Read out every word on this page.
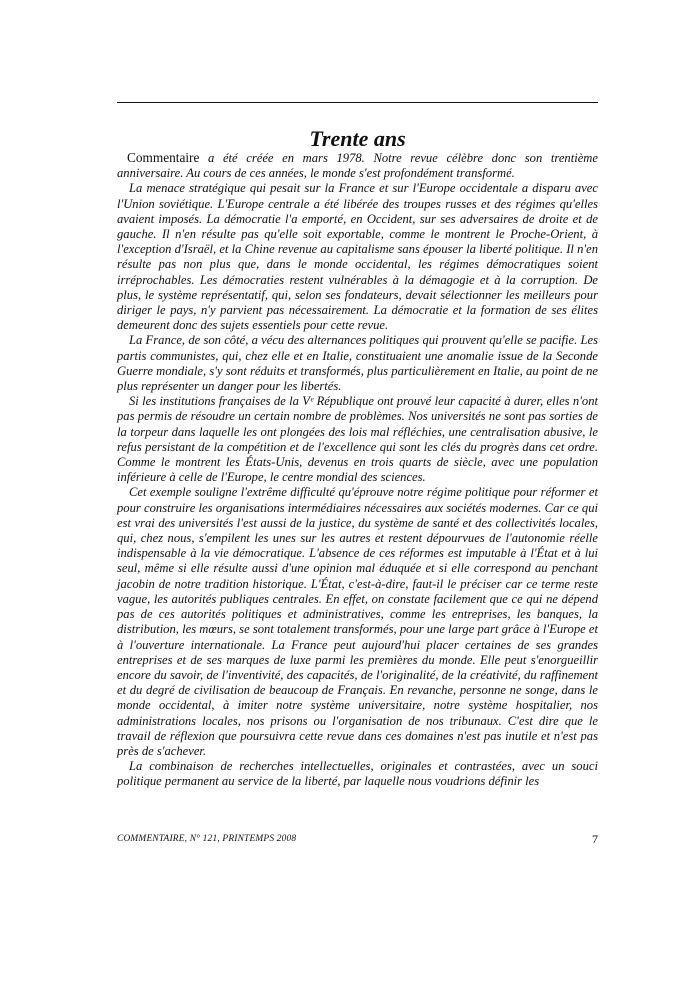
Trente ans

Commentaire a été créée en mars 1978. Notre revue célèbre donc son trentième anniversaire. Au cours de ces années, le monde s'est profondément transformé.

La menace stratégique qui pesait sur la France et sur l'Europe occidentale a disparu avec l'Union soviétique. L'Europe centrale a été libérée des troupes russes et des régimes qu'elles avaient imposés. La démocratie l'a emporté, en Occident, sur ses adversaires de droite et de gauche. Il n'en résulte pas qu'elle soit exportable, comme le montrent le Proche-Orient, à l'exception d'Israël, et la Chine revenue au capitalisme sans épouser la liberté politique. Il n'en résulte pas non plus que, dans le monde occidental, les régimes démocratiques soient irréprochables. Les démocraties restent vulnérables à la démagogie et à la corruption. De plus, le système représentatif, qui, selon ses fondateurs, devait sélectionner les meilleurs pour diriger le pays, n'y parvient pas nécessairement. La démocratie et la formation de ses élites demeurent donc des sujets essentiels pour cette revue.

La France, de son côté, a vécu des alternances politiques qui prouvent qu'elle se pacifie. Les partis communistes, qui, chez elle et en Italie, constituaient une anomalie issue de la Seconde Guerre mondiale, s'y sont réduits et transformés, plus particulièrement en Italie, au point de ne plus représenter un danger pour les libertés.

Si les institutions françaises de la Vᵉ République ont prouvé leur capacité à durer, elles n'ont pas permis de résoudre un certain nombre de problèmes. Nos universités ne sont pas sorties de la torpeur dans laquelle les ont plongées des lois mal réfléchies, une centralisation abusive, le refus persistant de la compétition et de l'excellence qui sont les clés du progrès dans cet ordre. Comme le montrent les États-Unis, devenus en trois quarts de siècle, avec une population inférieure à celle de l'Europe, le centre mondial des sciences.

Cet exemple souligne l'extrême difficulté qu'éprouve notre régime politique pour réformer et pour construire les organisations intermédiaires nécessaires aux sociétés modernes. Car ce qui est vrai des universités l'est aussi de la justice, du système de santé et des collectivités locales, qui, chez nous, s'empilent les unes sur les autres et restent dépourvues de l'autonomie réelle indispensable à la vie démocratique. L'absence de ces réformes est imputable à l'État et à lui seul, même si elle résulte aussi d'une opinion mal éduquée et si elle correspond au penchant jacobin de notre tradition historique. L'État, c'est-à-dire, faut-il le préciser car ce terme reste vague, les autorités publiques centrales. En effet, on constate facilement que ce qui ne dépend pas de ces autorités politiques et administratives, comme les entreprises, les banques, la distribution, les mœurs, se sont totalement transformés, pour une large part grâce à l'Europe et à l'ouverture internationale. La France peut aujourd'hui placer certaines de ses grandes entreprises et de ses marques de luxe parmi les premières du monde. Elle peut s'enorgueillir encore du savoir, de l'inventivité, des capacités, de l'originalité, de la créativité, du raffinement et du degré de civilisation de beaucoup de Français. En revanche, personne ne songe, dans le monde occidental, à imiter notre système universitaire, notre système hospitalier, nos administrations locales, nos prisons ou l'organisation de nos tribunaux. C'est dire que le travail de réflexion que poursuivra cette revue dans ces domaines n'est pas inutile et n'est pas près de s'achever.

La combinaison de recherches intellectuelles, originales et contrastées, avec un souci politique permanent au service de la liberté, par laquelle nous voudrions définir les

COMMENTAIRE, N° 121, PRINTEMPS 2008	7
